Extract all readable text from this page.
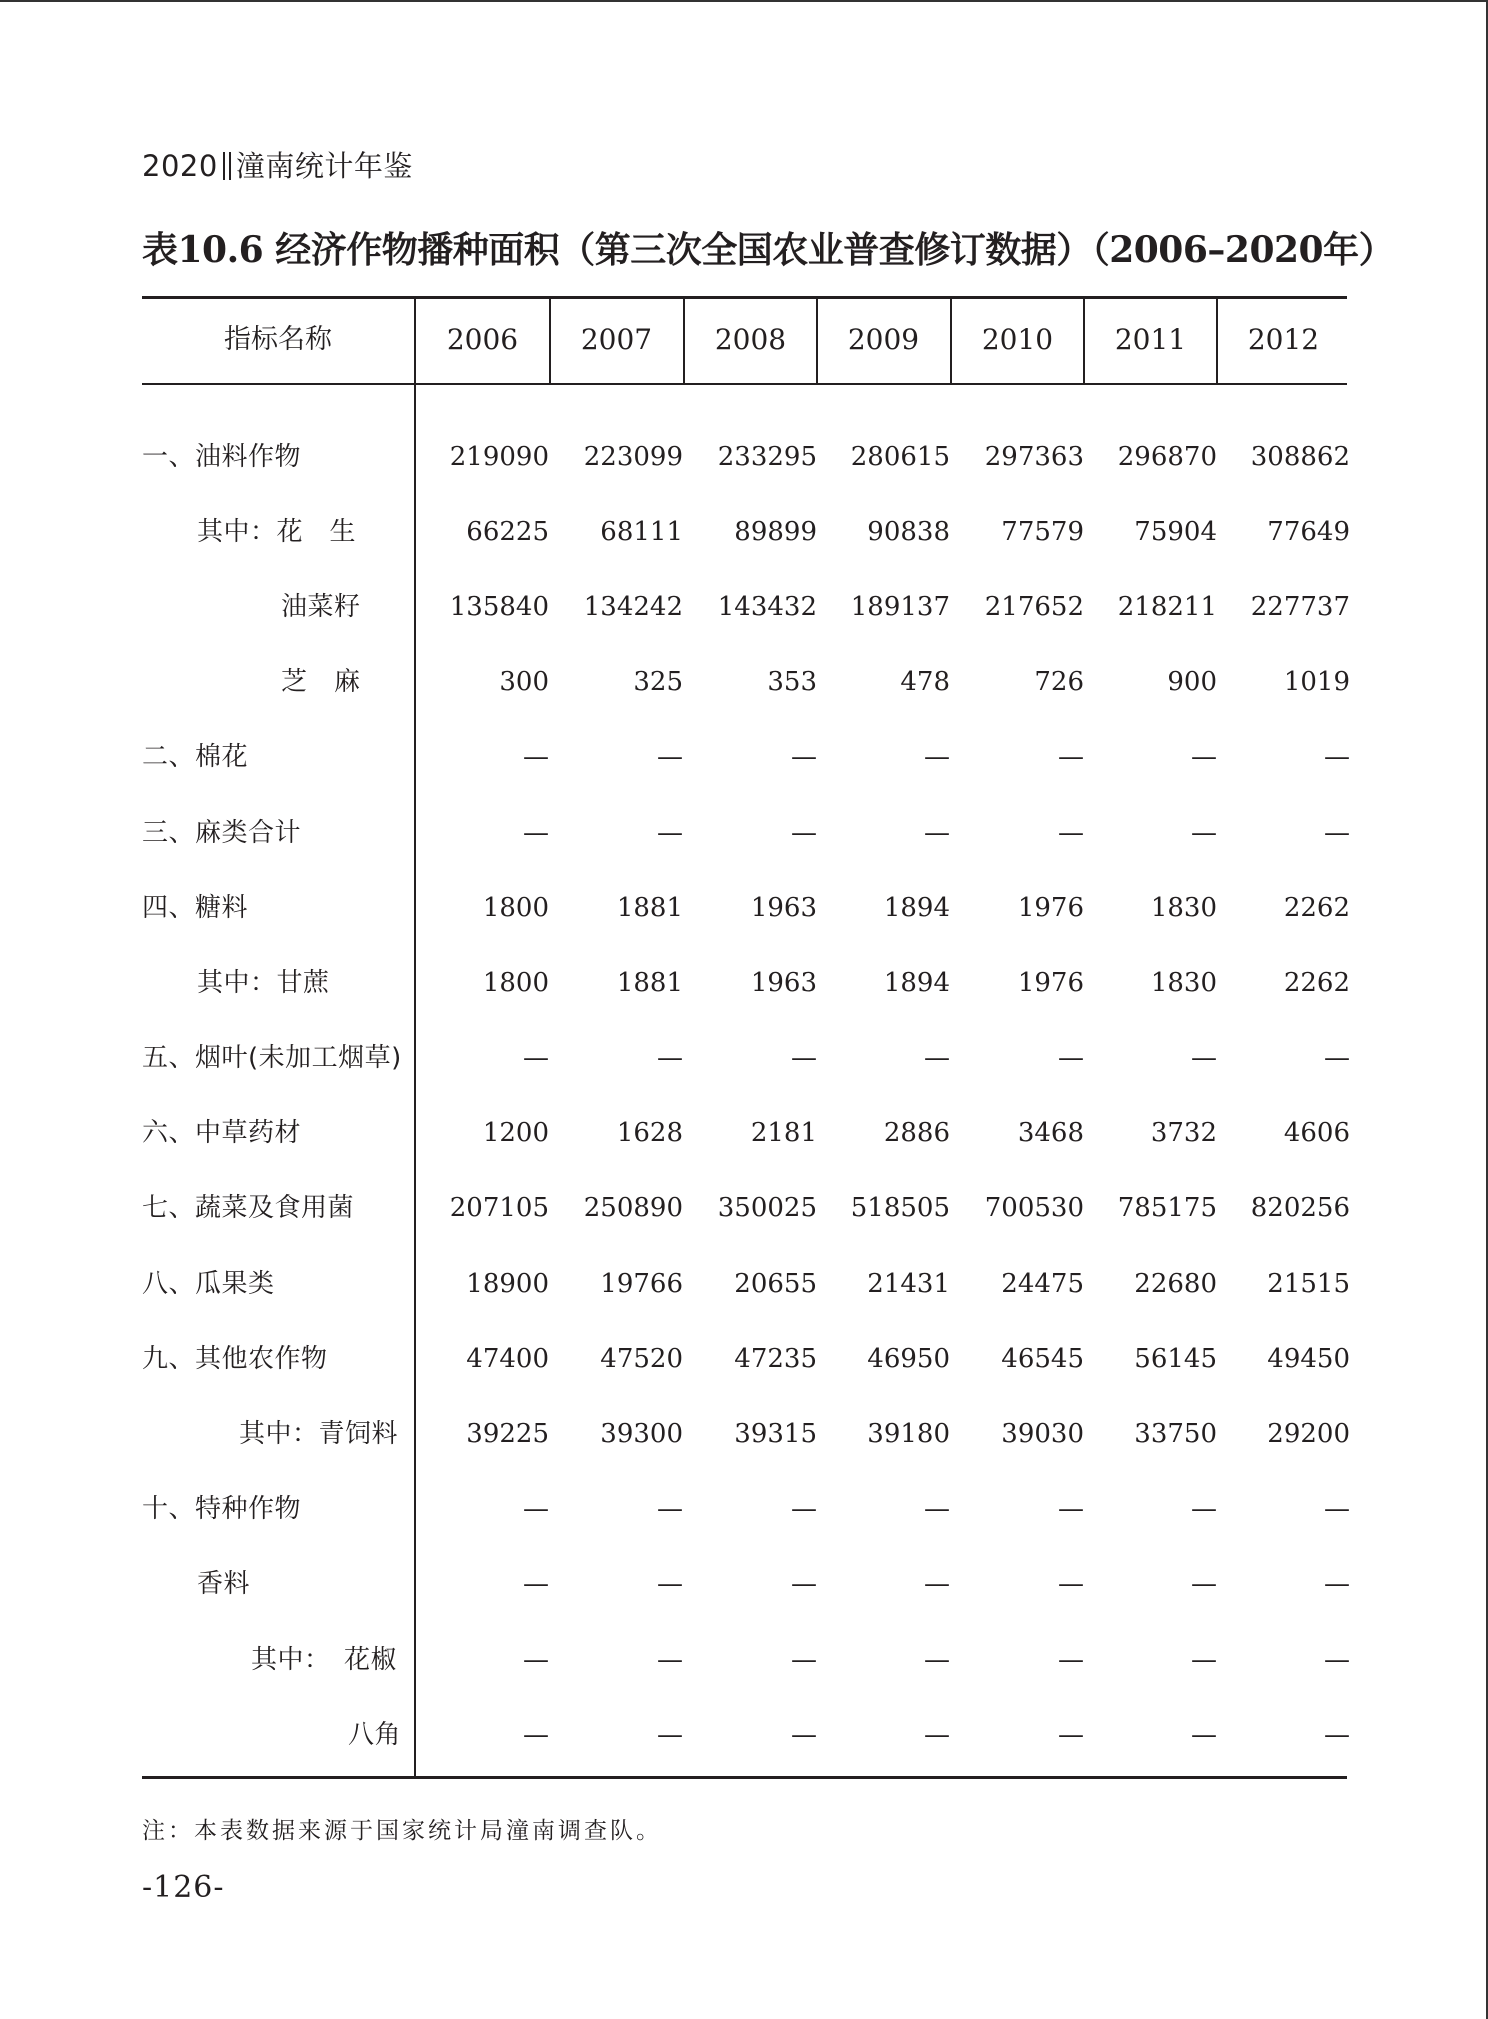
2020 潼南统计年鉴
表10.6 经济作物播种面积（第三次全国农业普查修订数据）（2006–2020年）
指标名称	2006	2007	2008	2009	2010	2011	2012
一、油料作物	219090	223099	233295	280615	297363	296870	308862
其中：花　生	66225	68111	89899	90838	77579	75904	77649
油菜籽	135840	134242	143432	189137	217652	218211	227737
芝　麻	300	325	353	478	726	900	1019
二、棉花	—	—	—	—	—	—	—
三、麻类合计	—	—	—	—	—	—	—
四、糖料	1800	1881	1963	1894	1976	1830	2262
其中：甘蔗	1800	1881	1963	1894	1976	1830	2262
五、烟叶(未加工烟草)	—	—	—	—	—	—	—
六、中草药材	1200	1628	2181	2886	3468	3732	4606
七、蔬菜及食用菌	207105	250890	350025	518505	700530	785175	820256
八、瓜果类	18900	19766	20655	21431	24475	22680	21515
九、其他农作物	47400	47520	47235	46950	46545	56145	49450
其中：青饲料	39225	39300	39315	39180	39030	33750	29200
十、特种作物	—	—	—	—	—	—	—
香料	—	—	—	—	—	—	—
其中：　花椒	—	—	—	—	—	—	—
八角	—	—	—	—	—	—	—
注：本表数据来源于国家统计局潼南调查队。
-126-
